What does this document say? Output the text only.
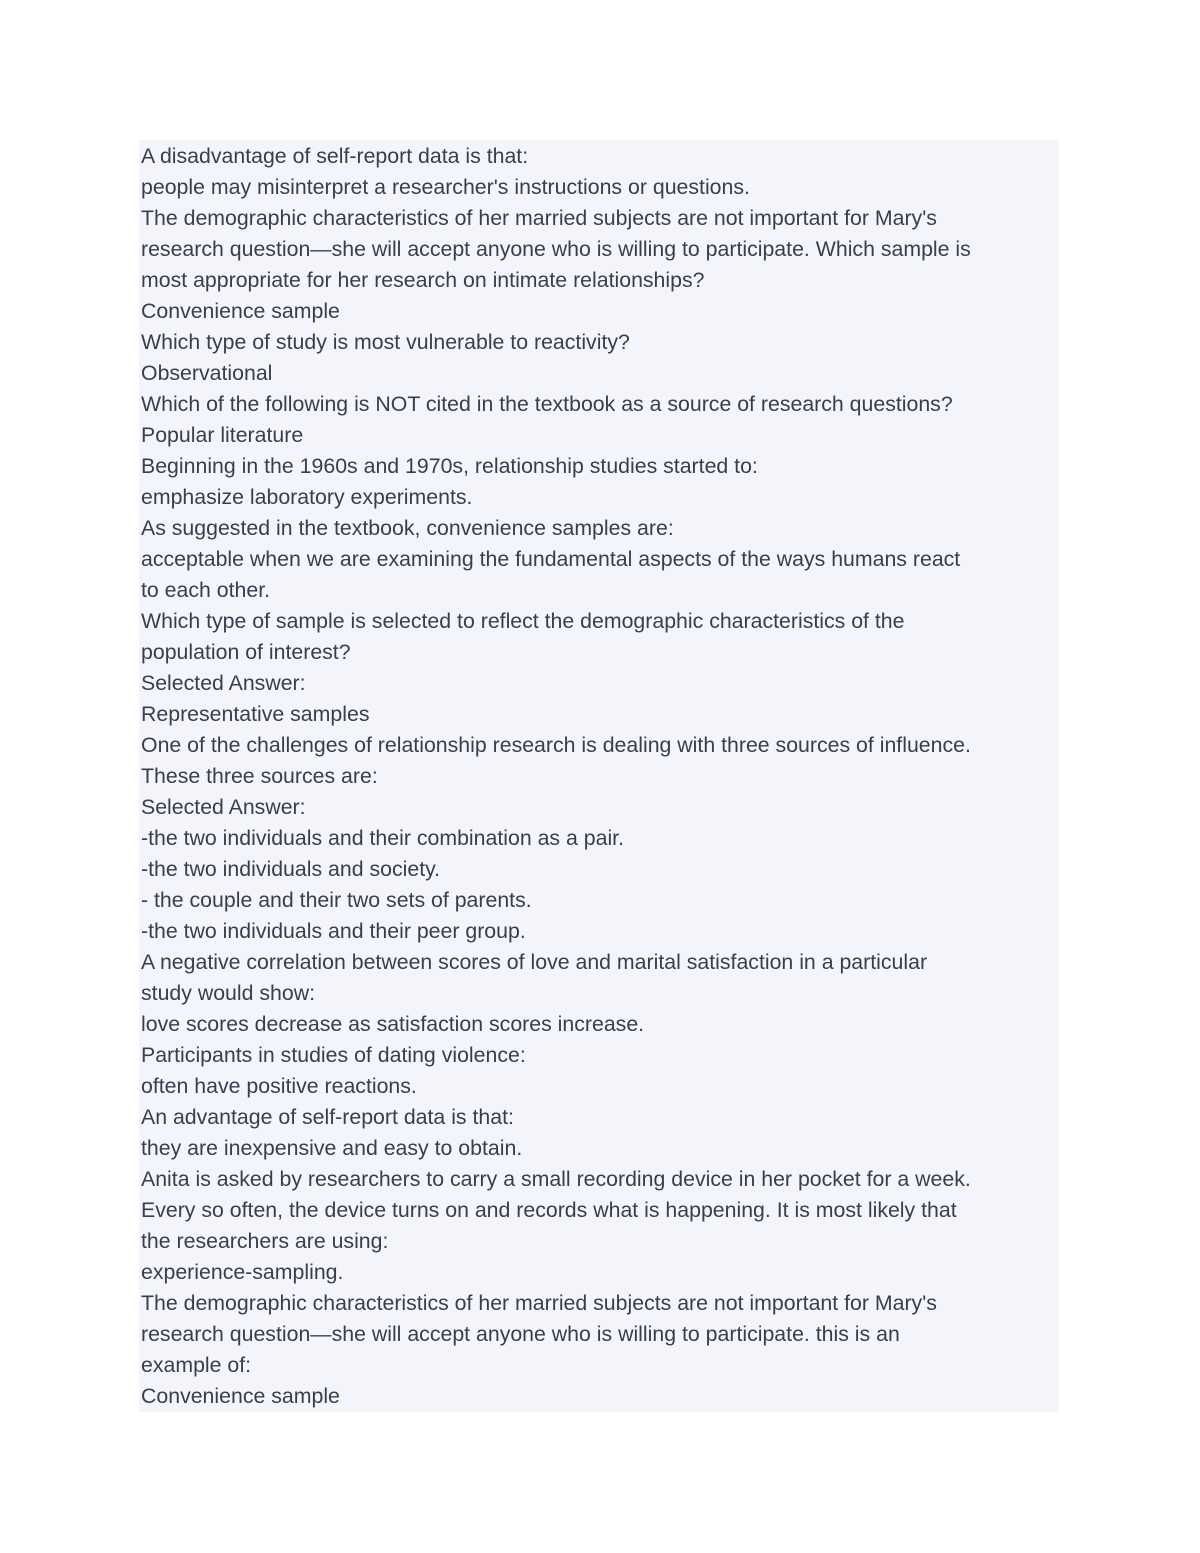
A disadvantage of self-report data is that:
people may misinterpret a researcher's instructions or questions.
The demographic characteristics of her married subjects are not important for Mary's
research question—she will accept anyone who is willing to participate. Which sample is
most appropriate for her research on intimate relationships?
Convenience sample
Which type of study is most vulnerable to reactivity?
Observational
Which of the following is NOT cited in the textbook as a source of research questions?
Popular literature
Beginning in the 1960s and 1970s, relationship studies started to:
emphasize laboratory experiments.
As suggested in the textbook, convenience samples are:
acceptable when we are examining the fundamental aspects of the ways humans react
to each other.
Which type of sample is selected to reflect the demographic characteristics of the
population of interest?
Selected Answer:
Representative samples
One of the challenges of relationship research is dealing with three sources of influence.
These three sources are:
Selected Answer:
-the two individuals and their combination as a pair.
-the two individuals and society.
- the couple and their two sets of parents.
-the two individuals and their peer group.
A negative correlation between scores of love and marital satisfaction in a particular
study would show:
love scores decrease as satisfaction scores increase.
Participants in studies of dating violence:
often have positive reactions.
An advantage of self-report data is that:
they are inexpensive and easy to obtain.
Anita is asked by researchers to carry a small recording device in her pocket for a week.
Every so often, the device turns on and records what is happening. It is most likely that
the researchers are using:
experience-sampling.
The demographic characteristics of her married subjects are not important for Mary's
research question—she will accept anyone who is willing to participate. this is an
example of:
Convenience sample
